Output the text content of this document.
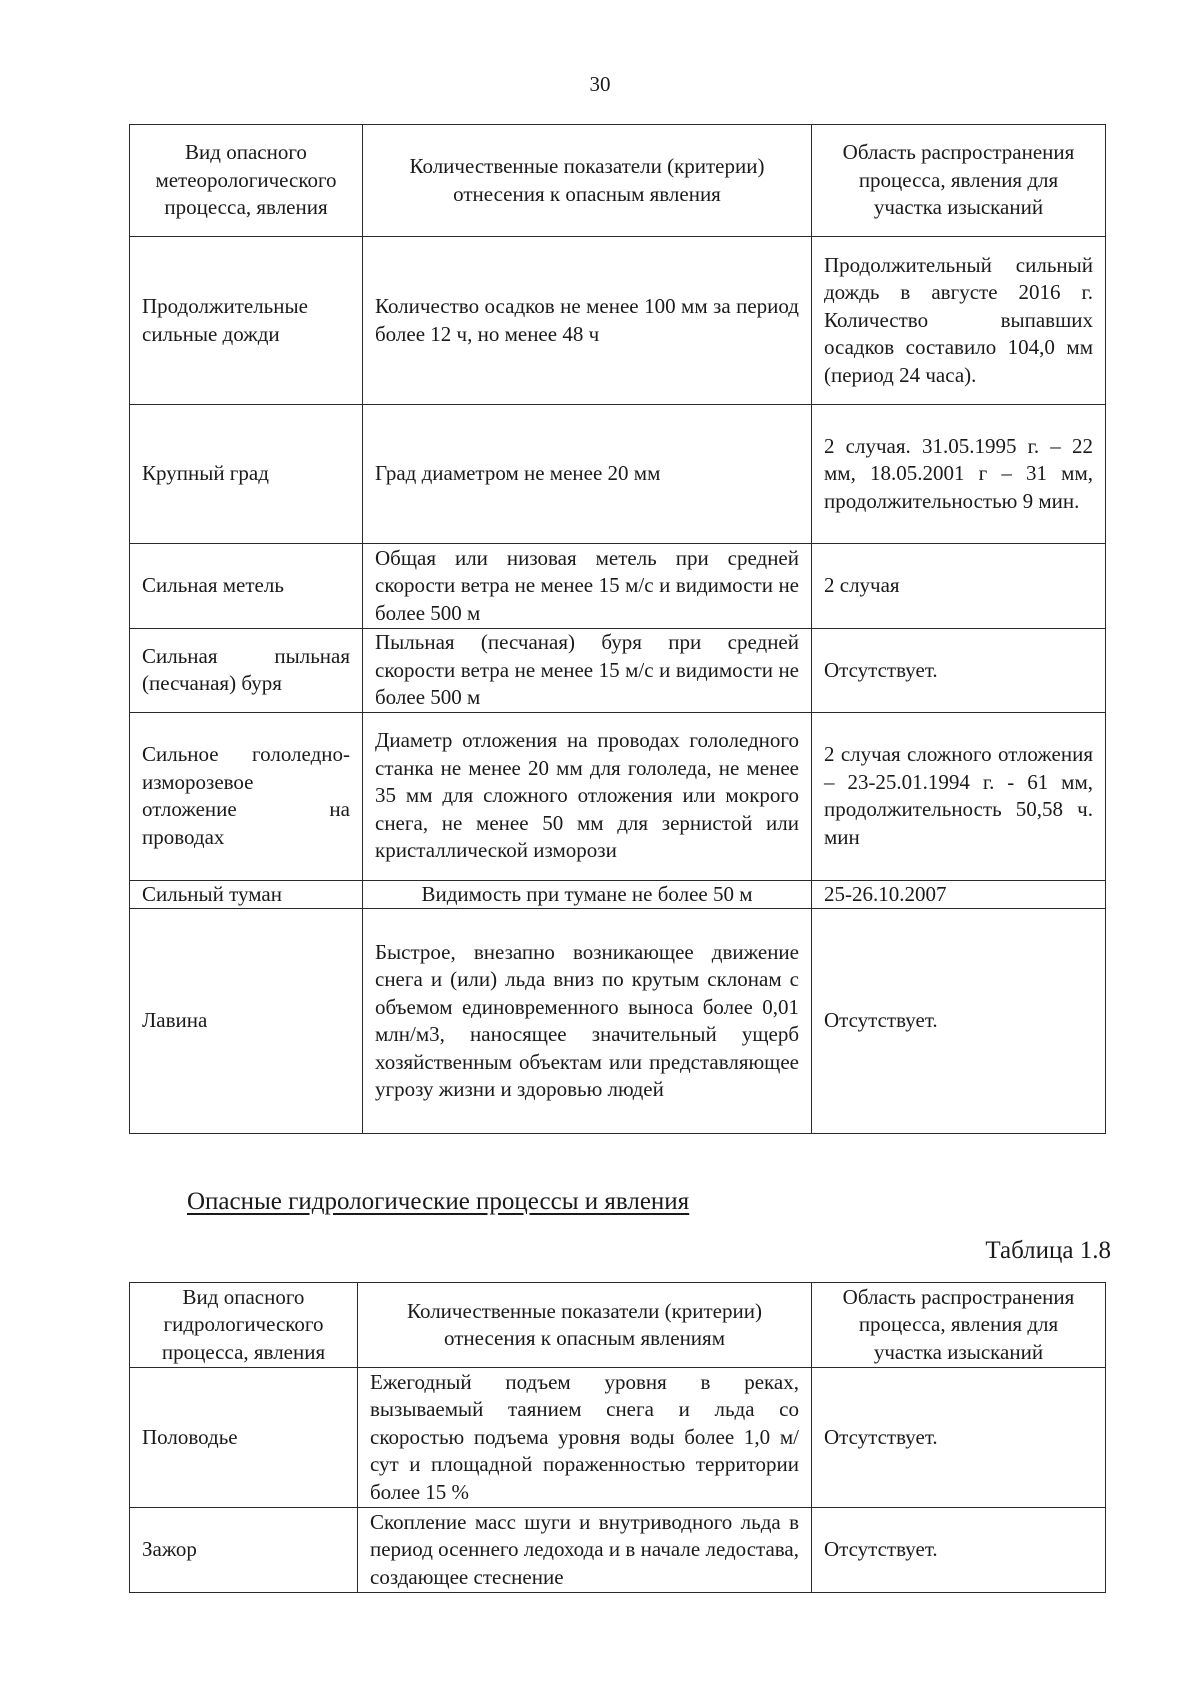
30
Вид опасного метеорологического процесса, явления	Количественные показатели (критерии) отнесения к опасным явления	Область распространения процесса, явления для участка изысканий
Продолжительные сильные дожди	Количество осадков не менее 100 мм за период более 12 ч, но менее 48 ч	Продолжительный сильный дождь в августе 2016 г. Количество выпавших осадков составило 104,0 мм (период 24 часа).
Крупный град	Град диаметром не менее 20 мм	2 случая. 31.05.1995 г. – 22 мм, 18.05.2001 г – 31 мм, продолжительностью 9 мин.
Сильная метель	Общая или низовая метель при средней скорости ветра не менее 15 м/с и видимости не более 500 м	2 случая
Сильная пыльная (песчаная) буря	Пыльная (песчаная) буря при средней скорости ветра не менее 15 м/с и видимости не более 500 м	Отсутствует.
Сильное гололедно-изморозевое отложение на проводах	Диаметр отложения на проводах гололедного станка не менее 20 мм для гололеда, не менее 35 мм для сложного отложения или мокрого снега, не менее 50 мм для зернистой или кристаллической изморози	2 случая сложного отложения – 23-25.01.1994 г. - 61 мм, продолжительность 50,58 ч. мин
Сильный туман	Видимость при тумане не более 50 м	25-26.10.2007
Лавина	Быстрое, внезапно возникающее движение снега и (или) льда вниз по крутым склонам с объемом единовременного выноса более 0,01 млн/м3, наносящее значительный ущерб хозяйственным объектам или представляющее угрозу жизни и здоровью людей	Отсутствует.
Опасные гидрологические процессы и явления
Таблица 1.8
Вид опасного гидрологического процесса, явления	Количественные показатели (критерии) отнесения к опасным явлениям	Область распространения процесса, явления для участка изысканий
Половодье	Ежегодный подъем уровня в реках, вызываемый таянием снега и льда со скоростью подъема уровня воды более 1,0 м/сут и площадной пораженностью территории более 15 %	Отсутствует.
Зажор	Скопление масс шуги и внутриводного льда в период осеннего ледохода и в начале ледостава, создающее стеснение	Отсутствует.
